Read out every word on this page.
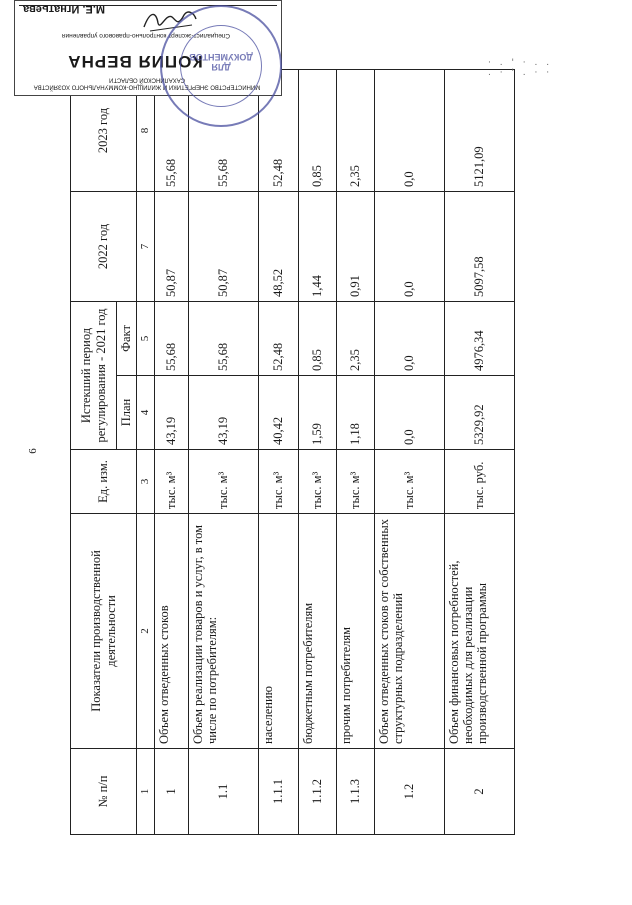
6
№ п/п	Показатели производственной деятельности	Ед. изм.	Истекший период регулирования - 2021 год		2022 год	2023 год
			План	Факт		
1	2	3	4	5	7	8
1	Объем отведенных стоков	тыс. м³	43,19	55,68	50,87	55,68
1.1	Объем реализации товаров и услуг, в том числе по потребителям:	тыс. м³	43,19	55,68	50,87	55,68
1.1.1	населению	тыс. м³	40,42	52,48	48,52	52,48
1.1.2	бюджетным потребителям	тыс. м³	1,59	0,85	1,44	0,85
1.1.3	прочим потребителям	тыс. м³	1,18	2,35	0,91	2,35
1.2	Объем отведенных стоков от собственных структурных подразделений	тыс. м³	0,0	0,0	0,0	0,0
2	Объем финансовых потребностей, необходимых для реализации производственной программы	тыс. руб.	5329,92	4976,34	5097,58	5121,09
М.Е. Игнатьева
Специалист-эксперт контрольно-правового управления
КОПИЯ ВЕРНА
МИНИСТЕРСТВО ЭНЕРГЕТИКИ И ЖИЛИЩНО-КОММУНАЛЬНОГО ХОЗЯЙСТВА САХАЛИНСКОЙ ОБЛАСТИ
ДЛЯ ДОКУМЕНТОВ
· . ' · . .
. · ' . · ·
